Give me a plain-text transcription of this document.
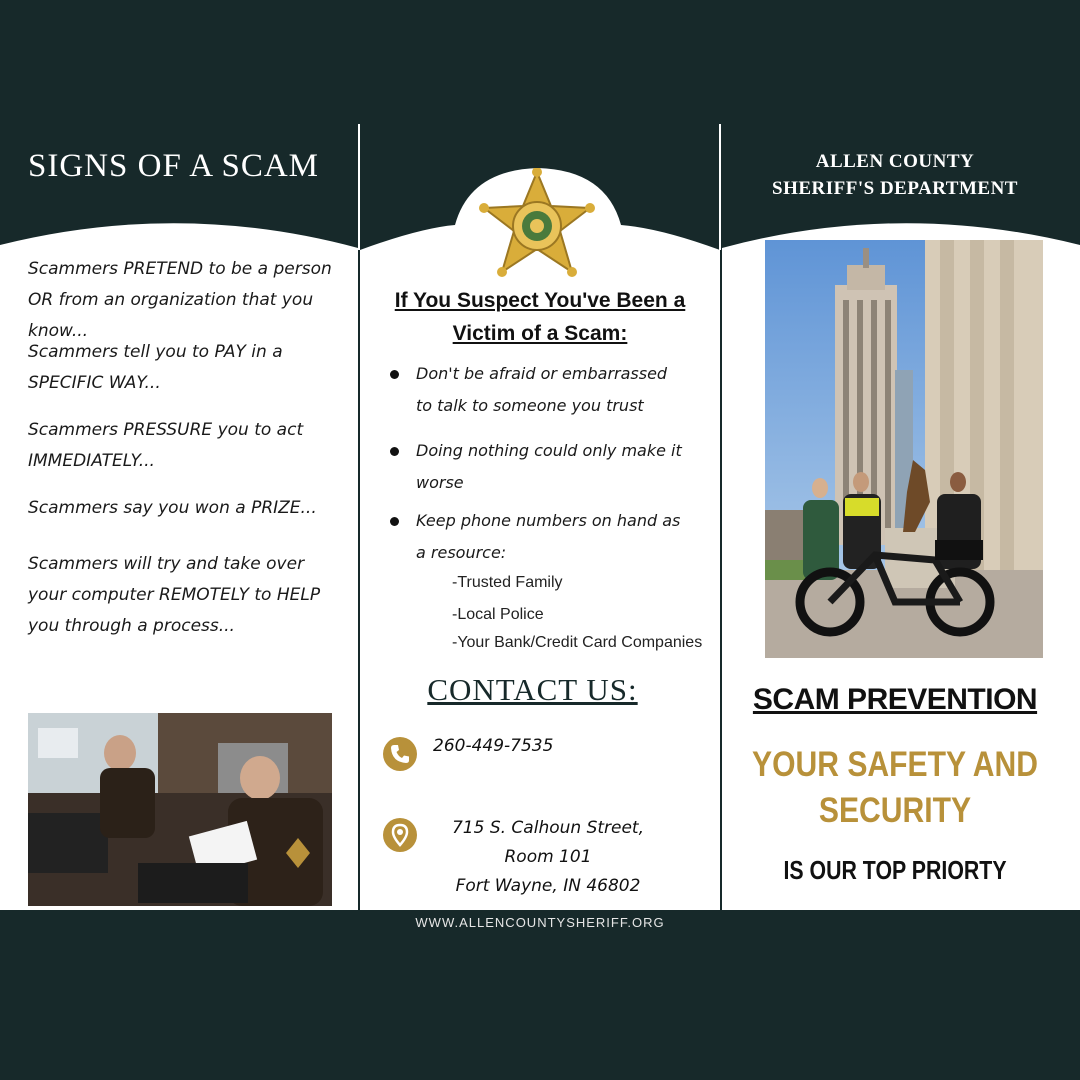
SIGNS OF A SCAM
Scammers PRETEND to be a person OR from an organization that you know...
Scammers tell you to PAY in a SPECIFIC WAY...
Scammers PRESSURE you to act IMMEDIATELY...
Scammers say you won a PRIZE...
Scammers will try and take over your computer REMOTELY to HELP you through a process...
If You Suspect You've Been a Victim of a Scam:
Don't be afraid or embarrassed to talk to someone you trust
Doing nothing could only make it worse
Keep phone numbers on hand as a resource:
-Trusted Family
-Local Police
-Your Bank/Credit Card Companies
CONTACT US:
260-449-7535
715 S. Calhoun Street, Room 101
Fort Wayne, IN 46802
ALLEN COUNTY
SHERIFF'S DEPARTMENT
SCAM PREVENTION
YOUR SAFETY AND
SECURITY
IS OUR TOP PRIORTY
WWW.ALLENCOUNTYSHERIFF.ORG
